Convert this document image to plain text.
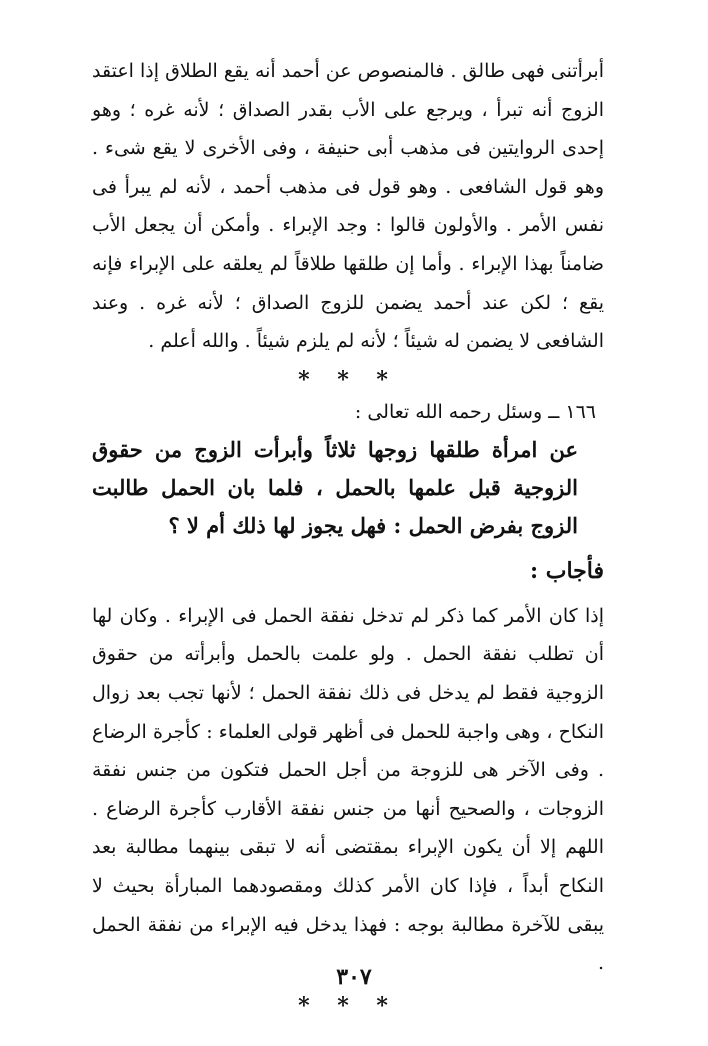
أبرأتنى فهى طالق . فالمنصوص عن أحمد أنه يقع الطلاق إذا اعتقد الزوج أنه تبرأ ، ويرجع على الأب بقدر الصداق ؛ لأنه غره ؛ وهو إحدى الروايتين فى مذهب أبى حنيفة ، وفى الأخرى لا يقع شىء . وهو قول الشافعى . وهو قول فى مذهب أحمد ، لأنه لم يبرأ فى نفس الأمر . والأولون قالوا : وجد الإبراء . وأمكن أن يجعل الأب ضامناً بهذا الإبراء . وأما إن طلقها طلاقاً لم يعلقه على الإبراء فإنه يقع ؛ لكن عند أحمد يضمن للزوج الصداق ؛ لأنه غره . وعند الشافعى لا يضمن له شيئاً ؛ لأنه لم يلزم شيئاً . والله أعلم .

* * *

١٦٦ ــ وسئل رحمه الله تعالى :

عن امرأة طلقها زوجها ثلاثاً وأبرأت الزوج من حقوق الزوجية قبل علمها بالحمل ، فلما بان الحمل طالبت الزوج بفرض الحمل : فهل يجوز لها ذلك أم لا ؟

فأجاب :

إذا كان الأمر كما ذكر لم تدخل نفقة الحمل فى الإبراء . وكان لها أن تطلب نفقة الحمل . ولو علمت بالحمل وأبرأته من حقوق الزوجية فقط لم يدخل فى ذلك نفقة الحمل ؛ لأنها تجب بعد زوال النكاح ، وهى واجبة للحمل فى أظهر قولى العلماء : كأجرة الرضاع . وفى الآخر هى للزوجة من أجل الحمل فتكون من جنس نفقة الزوجات ، والصحيح أنها من جنس نفقة الأقارب كأجرة الرضاع . اللهم إلا أن يكون الإبراء بمقتضى أنه لا تبقى بينهما مطالبة بعد النكاح أبداً ، فإذا كان الأمر كذلك ومقصودهما المبارأة بحيث لا يبقى للآخرة مطالبة بوجه : فهذا يدخل فيه الإبراء من نفقة الحمل .

* * *

٣٠٧
